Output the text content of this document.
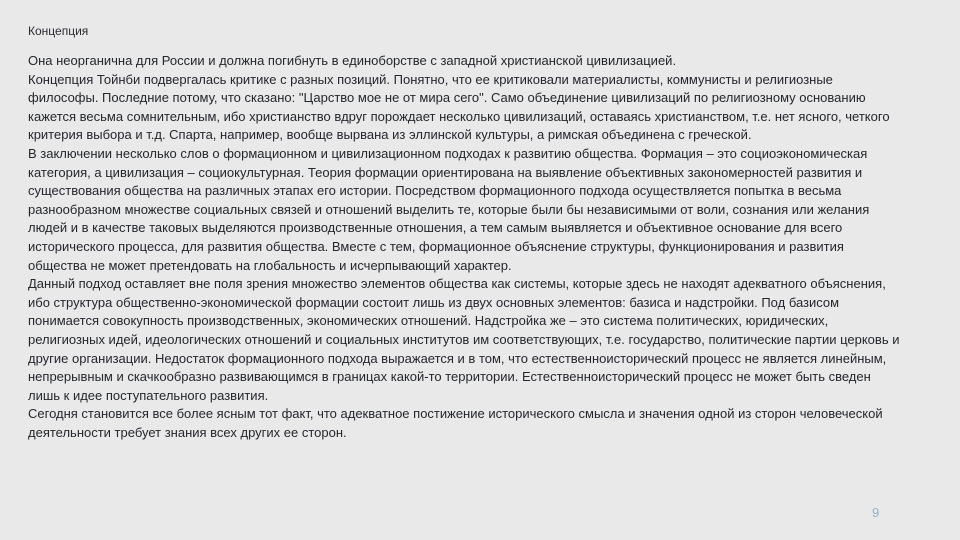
Концепция

Она неорганична для России и должна погибнуть в единоборстве с западной христианской цивилизацией.

Концепция Тойнби подвергалась критике с разных позиций. Понятно, что ее критиковали материалисты, коммунисты и религиозные философы. Последние потому, что сказано: "Царство мое не от мира сего". Само объединение цивилизаций по религиозному основанию кажется весьма сомнительным, ибо христианство вдруг порождает несколько цивилизаций, оставаясь христианством, т.е. нет ясного, четкого критерия выбора и т.д. Спарта, например, вообще вырвана из эллинской культуры, а римская объединена с греческой.

В заключении несколько слов о формационном и цивилизационном подходах к развитию общества. Формация – это социоэкономическая категория, а цивилизация – социокультурная. Теория формации ориентирована на выявление объективных закономерностей развития и существования общества на различных этапах его истории. Посредством формационного подхода осуществляется попытка в весьма разнообразном множестве социальных связей и отношений выделить те, которые были бы независимыми от воли, сознания или желания людей и в качестве таковых выделяются производственные отношения, а тем самым выявляется и объективное основание для всего исторического процесса, для развития общества. Вместе с тем, формационное объяснение структуры, функционирования и развития общества не может претендовать на глобальность и исчерпывающий характер.

Данный подход оставляет вне поля зрения множество элементов общества как системы, которые здесь не находят адекватного объяснения, ибо структура общественно-экономической формации состоит лишь из двух основных элементов: базиса и надстройки. Под базисом понимается совокупность производственных, экономических отношений. Надстройка же – это система политических, юридических, религиозных идей, идеологических отношений и социальных институтов им соответствующих, т.е. государство, политические партии церковь и другие организации. Недостаток формационного подхода выражается и в том, что естественноисторический процесс не является линейным, непрерывным и скачкообразно развивающимся в границах какой-то территории. Естественноисторический процесс не может быть сведен лишь к идее поступательного развития.

Сегодня становится все более ясным тот факт, что адекватное постижение исторического смысла и значения одной из сторон человеческой деятельности требует знания всех других ее сторон.

9
